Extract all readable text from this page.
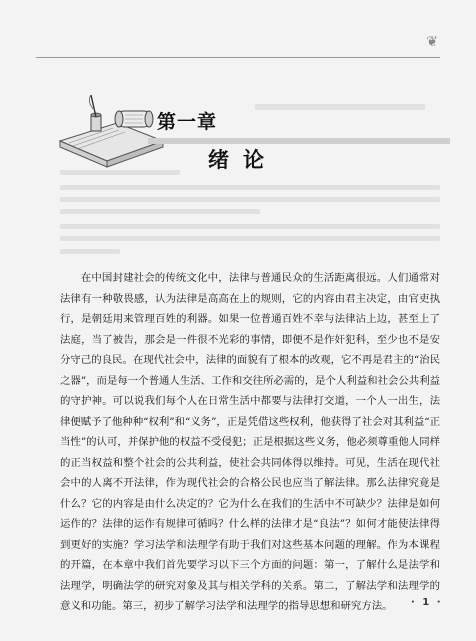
❦
第一章
绪论

在中国封建社会的传统文化中，法律与普通民众的生活距离很远。人们通常对法律有一种敬畏感，认为法律是高高在上的规则，它的内容由君主决定，由官吏执行，是朝廷用来管理百姓的利器。如果一位普通百姓不幸与法律沾上边，甚至上了法庭，当了被告，那会是一件很不光彩的事情，即便不是作奸犯科，至少也不是安分守己的良民。在现代社会中，法律的面貌有了根本的改观，它不再是君主的“治民之器”，而是每一个普通人生活、工作和交往所必需的，是个人利益和社会公共利益的守护神。可以说我们每个人在日常生活中都要与法律打交道，一个人一出生，法律便赋予了他种种“权利”和“义务”，正是凭借这些权利，他获得了社会对其利益“正当性”的认可，并保护他的权益不受侵犯；正是根据这些义务，他必须尊重他人同样的正当权益和整个社会的公共利益，使社会共同体得以维持。可见，生活在现代社会中的人离不开法律，作为现代社会的合格公民也应当了解法律。那么法律究竟是什么？它的内容是由什么决定的？它为什么在我们的生活中不可缺少？法律是如何运作的？法律的运作有规律可循吗？什么样的法律才是“良法”？如何才能使法律得到更好的实施？学习法学和法理学有助于我们对这些基本问题的理解。作为本课程的开篇，在本章中我们首先要学习以下三个方面的问题：第一，了解什么是法学和法理学，明确法学的研究对象及其与相关学科的关系。第二，了解法学和法理学的意义和功能。第三，初步了解学习法学和法理学的指导思想和研究方法。	· 1 ·
